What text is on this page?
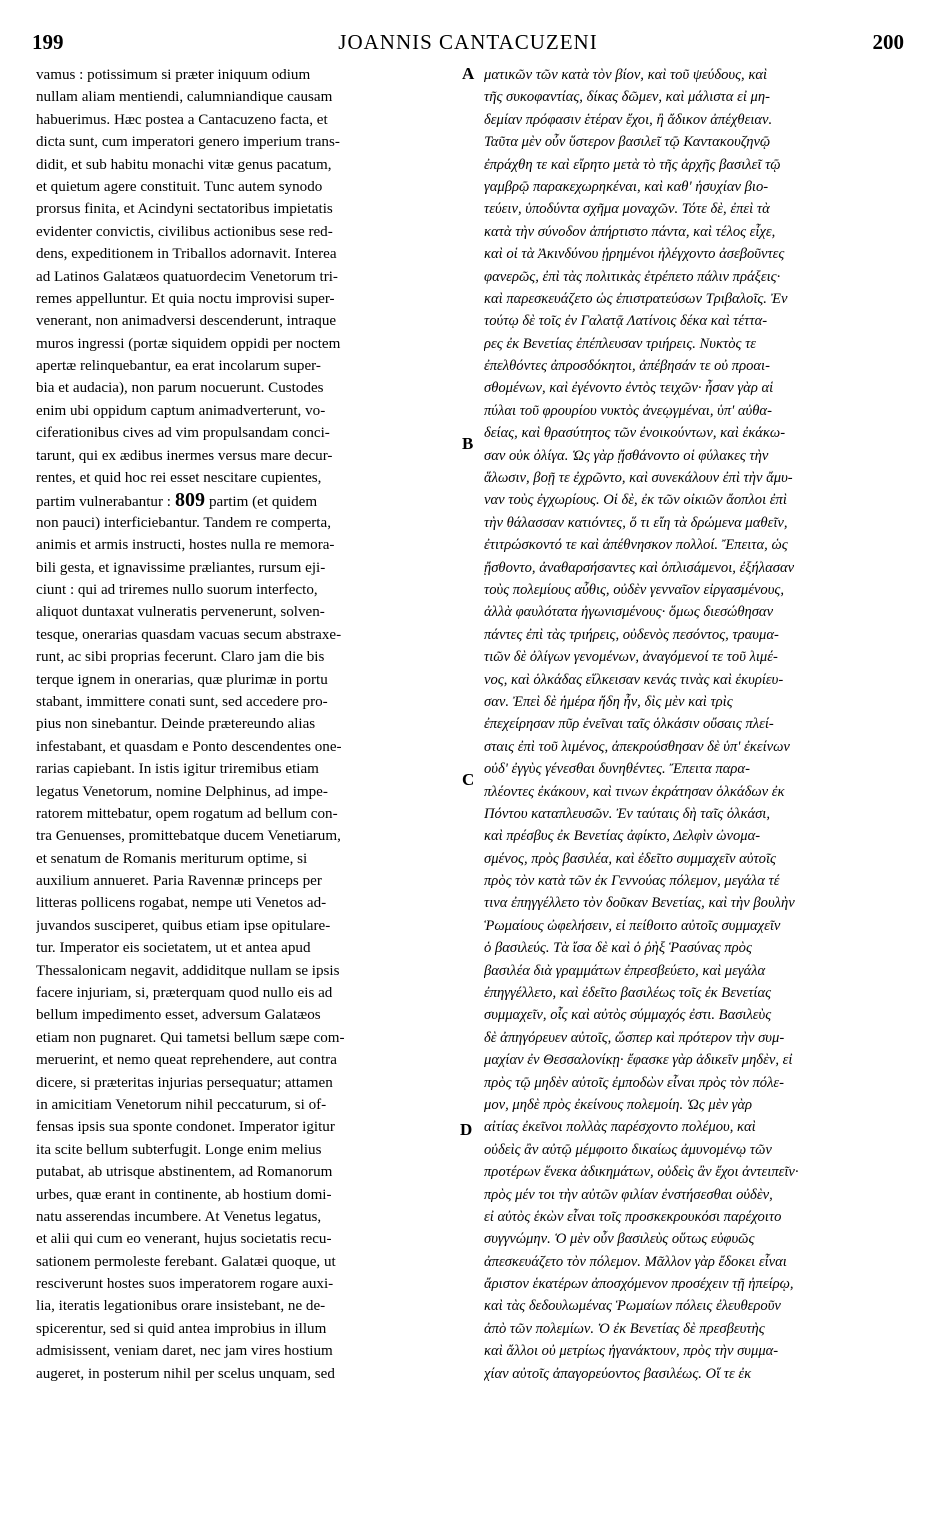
199	JOANNIS CANTACUZENI	200
vamus : potissimum si præter iniquum odium
nullam aliam mentiendi, calumniandique causam
habuerimus. Hæc postea a Cantacuzeno facta, et
dicta sunt, cum imperatori genero imperium trans-
didit, et sub habitu monachi vitæ genus pacatum,
et quietum agere constituit. Tunc autem synodo
prorsus finita, et Acindyni sectatoribus impietatis
evidenter convictis, civilibus actionibus sese red-
dens, expeditionem in Triballos adornavit. Interea
ad Latinos Galatæos quatuordecim Venetorum tri-
remes appelluntur. Et quia noctu improvisi super-
venerant, non animadversi descenderunt, intraque
muros ingressi (portæ siquidem oppidi per noctem
apertæ relinquebantur, ea erat incolarum super-
bia et audacia), non parum nocuerunt. Custodes
enim ubi oppidum captum animadverterunt, vo-
ciferationibus cives ad vim propulsandam conci-
tarunt, qui ex ædibus inermes versus mare decur-
rentes, et quid hoc rei esset nescitare cupientes,
partim vulnerabantur : 809 partim (et quidem
non pauci) interficiebantur. Tandem re comperta,
animis et armis instructi, hostes nulla re memora-
bili gesta, et ignavissime præliantes, rursum eji-
ciunt : qui ad triremes nullo suorum interfecto,
aliquot duntaxat vulneratis pervenerunt, solven-
tesque, onerarias quasdam vacuas secum abstraxe-
runt, ac sibi proprias fecerunt. Claro jam die bis
terque ignem in onerarias, quæ plurimæ in portu
stabant, immittere conati sunt, sed accedere pro-
pius non sinebantur. Deinde prætereundo alias
infestabant, et quasdam e Ponto descendentes one-
rarias capiebant. In istis igitur triremibus etiam
legatus Venetorum, nomine Delphinus, ad impe-
ratorem mittebatur, opem rogatum ad bellum con-
tra Genuenses, promittebatque ducem Venetiarum,
et senatum de Romanis meriturum optime, si
auxilium annueret. Paria Ravennæ princeps per
litteras pollicens rogabat, nempe uti Venetos ad-
juvandos susciperet, quibus etiam ipse opitulare-
tur. Imperator eis societatem, ut et antea apud
Thessalonicam negavit, addiditque nullam se ipsis
facere injuriam, si, præterquam quod nullo eis ad
bellum impedimento esset, adversum Galatæos
etiam non pugnaret. Qui tametsi bellum sæpe com-
meruerint, et nemo queat reprehendere, aut contra
dicere, si præteritas injurias persequatur; attamen
in amicitiam Venetorum nihil peccaturum, si of-
fensas ipsis sua sponte condonet. Imperator igitur
ita scite bellum subterfugit. Longe enim melius
putabat, ab utrisque abstinentem, ad Romanorum
urbes, quæ erant in continente, ab hostium domi-
natu asserendas incumbere. At Venetus legatus,
et alii qui cum eo venerant, hujus societatis recu-
sationem permoleste ferebant. Galatæi quoque, ut
resciverunt hostes suos imperatorem rogare auxi-
lia, iteratis legationibus orare insistebant, ne de-
spicerentur, sed si quid antea improbius in illum
admisissent, veniam daret, nec jam vires hostium
augeret, in posterum nihil per scelus unquam, sed
A
B
C
D
ματικῶν τῶν κατὰ τὸν βίον, καὶ τοῦ ψεύδους, καὶ
τῆς συκοφαντίας, δίκας δῶμεν, καὶ μάλιστα εἰ μη-
δεμίαν πρόφασιν ἑτέραν ἔχοι, ἢ ἄδικον ἀπέχθειαν.
Ταῦτα μὲν οὖν ὕστερον βασιλεῖ τῷ Καντακουζηνῷ
ἐπράχθη τε καὶ εἴρητο μετὰ τὸ τῆς ἀρχῆς βασιλεῖ τῷ
γαμβρῷ παρακεχωρηκέναι, καὶ καθ' ἡσυχίαν βιο-
τεύειν, ὑποδύντα σχῆμα μοναχῶν. Τότε δὲ, ἐπεὶ τὰ
κατὰ τὴν σύνοδον ἀπήρτιστο πάντα, καὶ τέλος εἶχε,
καὶ οἱ τὰ Ἀκινδύνου ᾑρημένοι ἠλέγχοντο ἀσεβοῦντες
φανερῶς, ἐπὶ τὰς πολιτικὰς ἐτρέπετο πάλιν πράξεις·
καὶ παρεσκευάζετο ὡς ἐπιστρατεύσων Τριβαλοῖς. Ἐν
τούτῳ δὲ τοῖς ἐν Γαλατᾷ Λατίνοις δέκα καὶ τέττα-
ρες ἐκ Βενετίας ἐπέπλευσαν τριήρεις. Νυκτὸς τε
ἐπελθόντες ἀπροσδόκητοι, ἀπέβησάν τε οὐ προαι-
σθομένων, καὶ ἐγένοντο ἐντὸς τειχῶν· ἦσαν γὰρ αἱ
πύλαι τοῦ φρουρίου νυκτὸς ἀνεῳγμέναι, ὑπ' αὐθα-
δείας, καὶ θρασύτητος τῶν ἐνοικούντων, καὶ ἐκάκω-
σαν οὐκ ὀλίγα. Ὡς γὰρ ᾔσθάνοντο οἱ φύλακες τὴν
ἅλωσιν, βοῇ τε ἐχρῶντο, καὶ συνεκάλουν ἐπὶ τὴν ἄμυ-
ναν τοὺς ἐγχωρίους. Οἱ δὲ, ἐκ τῶν οἰκιῶν ἄοπλοι ἐπὶ
τὴν θάλασσαν κατιόντες, ὅ τι εἴη τὰ δρώμενα μαθεῖν,
ἐτιτρώσκοντό τε καὶ ἀπέθνησκον πολλοί. Ἔπειτα, ὡς
ᾔσθοντο, ἀναθαρσήσαντες καὶ ὁπλισάμενοι, ἐξήλασαν
τοὺς πολεμίους αὖθις, οὐδὲν γενναῖον εἰργασμένους,
ἀλλὰ φαυλότατα ἠγωνισμένους· ὅμως διεσώθησαν
πάντες ἐπὶ τὰς τριήρεις, οὐδενὸς πεσόντος, τραυμα-
τιῶν δὲ ὀλίγων γενομένων, ἀναγόμενοί τε τοῦ λιμέ-
νος, καὶ ὁλκάδας εἵλκεισαν κενάς τινὰς καὶ ἐκυρίευ-
σαν. Ἐπεὶ δὲ ἡμέρα ἤδη ἦν, δὶς μὲν καὶ τρὶς
ἐπεχείρησαν πῦρ ἐνεῖναι ταῖς ὁλκάσιν οὔσαις πλεί-
σταις ἐπὶ τοῦ λιμένος, ἀπεκρούσθησαν δὲ ὑπ' ἐκείνων
οὐδ' ἐγγὺς γένεσθαι δυνηθέντες. Ἔπειτα παρα-
πλέοντες ἐκάκουν, καὶ τινων ἐκράτησαν ὁλκάδων ἐκ
Πόντου καταπλευσῶν. Ἐν ταύταις δὴ ταῖς ὁλκάσι,
καὶ πρέσβυς ἐκ Βενετίας ἀφίκτο, Δελφὶν ὠνομα-
σμένος, πρὸς βασιλέα, καὶ ἐδεῖτο συμμαχεῖν αὐτοῖς
πρὸς τὸν κατὰ τῶν ἐκ Γεννούας πόλεμον, μεγάλα τέ
τινα ἐπηγγέλλετο τὸν δοῦκαν Βενετίας, καὶ τὴν βουλὴν
Ῥωμαίους ὠφελήσειν, εἰ πείθοιτο αὐτοῖς συμμαχεῖν
ὁ βασιλεύς. Τὰ ἴσα δὲ καὶ ὁ ῥὴξ Ῥασύνας πρὸς
βασιλέα διὰ γραμμάτων ἐπρεσβεύετο, καὶ μεγάλα
ἐπηγγέλλετο, καὶ ἐδεῖτο βασιλέως τοῖς ἐκ Βενετίας
συμμαχεῖν, οἷς καὶ αὐτὸς σύμμαχός ἐστι. Βασιλεὺς
δὲ ἀπηγόρευεν αὐτοῖς, ὥσπερ καὶ πρότερον τὴν συμ-
μαχίαν ἐν Θεσσαλονίκῃ· ἔφασκε γὰρ ἀδικεῖν μηδὲν, εἰ
πρὸς τῷ μηδὲν αὐτοῖς ἐμποδὼν εἶναι πρὸς τὸν πόλε-
μον, μηδὲ πρὸς ἐκείνους πολεμοίη. Ὡς μὲν γὰρ
αἰτίας ἐκεῖνοι πολλὰς παρέσχοντο πολέμου, καὶ
οὐδεὶς ἂν αὐτῷ μέμφοιτο δικαίως ἀμυνομένῳ τῶν
προτέρων ἕνεκα ἀδικημάτων, οὐδεὶς ἂν ἔχοι ἀντειπεῖν·
πρὸς μέν τοι τὴν αὐτῶν φιλίαν ἐνστήσεσθαι οὐδὲν,
εἰ αὐτὸς ἑκὼν εἶναι τοῖς προσκεκρουκόσι παρέχοιτο
συγγνώμην. Ὁ μὲν οὖν βασιλεὺς οὕτως εὐφυῶς
ἀπεσκευάζετο τὸν πόλεμον. Μᾶλλον γὰρ ἔδοκει εἶναι
ἄριστον ἑκατέρων ἀποσχόμενον προσέχειν τῇ ἠπείρῳ,
καὶ τὰς δεδουλωμένας Ῥωμαίων πόλεις ἐλευθεροῦν
ἀπὸ τῶν πολεμίων. Ὁ ἐκ Βενετίας δὲ πρεσβευτὴς
καὶ ἄλλοι οὐ μετρίως ἠγανάκτουν, πρὸς τὴν συμμα-
χίαν αὐτοῖς ἀπαγορεύοντος βασιλέως. Οἵ τε ἐκ
